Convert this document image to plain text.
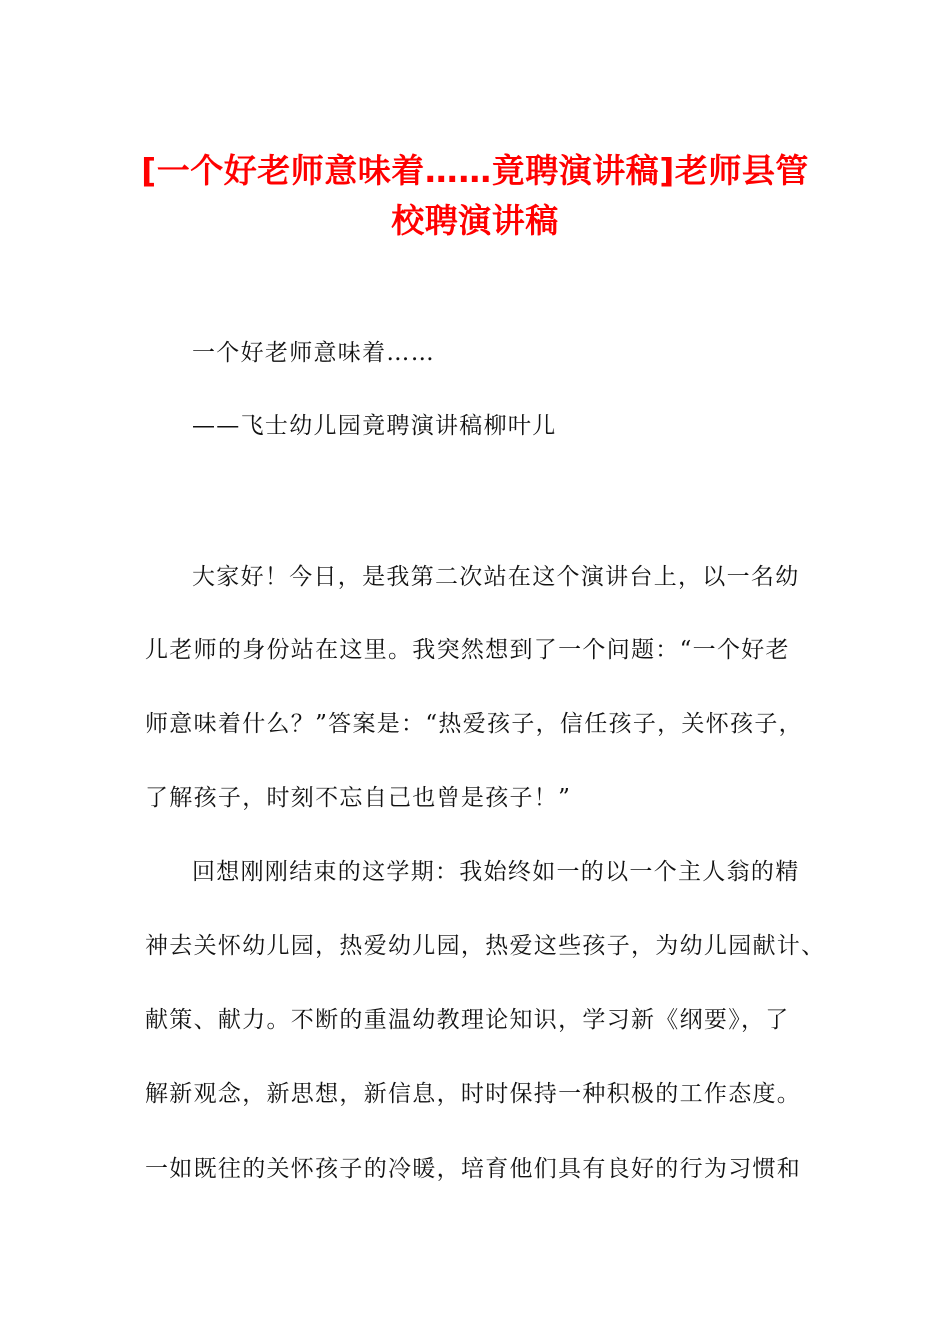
[一个好老师意味着……竟聘演讲稿]老师县管校聘演讲稿

一个好老师意味着……

——飞士幼儿园竟聘演讲稿柳叶儿

大家好！今日，是我第二次站在这个演讲台上，以一名幼

儿老师的身份站在这里。我突然想到了一个问题：“一个好老

师意味着什么？”答案是：“热爱孩子，信任孩子，关怀孩子，

了解孩子，时刻不忘自己也曾是孩子！”

回想刚刚结束的这学期：我始终如一的以一个主人翁的精

神去关怀幼儿园，热爱幼儿园，热爱这些孩子，为幼儿园献计、

献策、献力。不断的重温幼教理论知识，学习新《纲要》，了

解新观念，新思想，新信息，时时保持一种积极的工作态度。

一如既往的关怀孩子的冷暖，培育他们具有良好的行为习惯和
